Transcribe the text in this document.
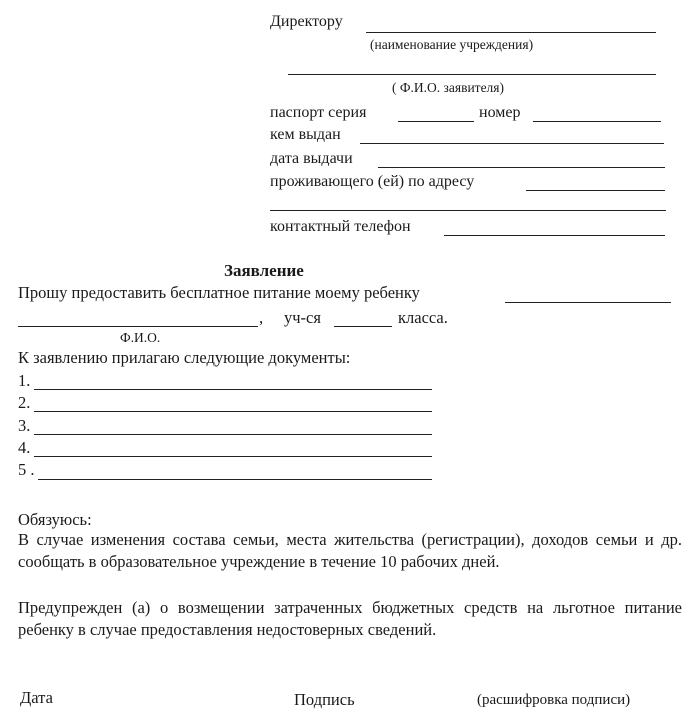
Директору
(наименование учреждения)
( Ф.И.О. заявителя)
паспорт серия	номер
кем выдан
дата выдачи
проживающего (ей) по адресу
контактный телефон
Заявление
Прошу предоставить бесплатное питание моему ребенку
, уч-ся	класса.
Ф.И.О.
К заявлению прилагаю следующие документы:
1.
2.
3.
4.
5 .
Обязуюсь:
В случае изменения состава семьи, места жительства (регистрации), доходов семьи и др. сообщать в образовательное учреждение в течение 10 рабочих дней.
Предупрежден (а) о возмещении затраченных бюджетных средств на льготное питание ребенку в случае предоставления недостоверных сведений.
Дата	Подпись	(расшифровка подписи)
